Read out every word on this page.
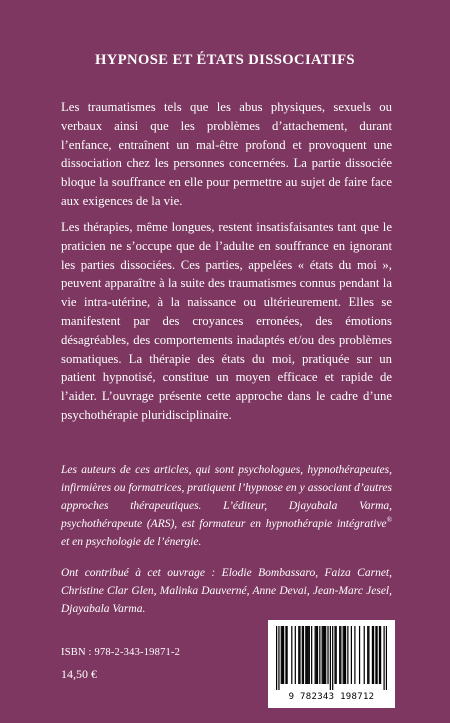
HYPNOSE ET ÉTATS DISSOCIATIFS

Les traumatismes tels que les abus physiques, sexuels ou verbaux ainsi que les problèmes d’attachement, durant l’enfance, entraînent un mal-être profond et provoquent une dissociation chez les personnes concernées. La partie dissociée bloque la souffrance en elle pour permettre au sujet de faire face aux exigences de la vie.

Les thérapies, même longues, restent insatisfaisantes tant que le praticien ne s’occupe que de l’adulte en souffrance en ignorant les parties dissociées. Ces parties, appelées « états du moi », peuvent apparaître à la suite des traumatismes connus pendant la vie intra-utérine, à la naissance ou ultérieurement. Elles se manifestent par des croyances erronées, des émotions désagréables, des comportements inadaptés et/ou des problèmes somatiques. La thérapie des états du moi, pratiquée sur un patient hypnotisé, constitue un moyen efficace et rapide de l’aider. L’ouvrage présente cette approche dans le cadre d’une psychothérapie pluridisciplinaire.

Les auteurs de ces articles, qui sont psychologues, hypnothérapeutes, infirmières ou formatrices, pratiquent l’hypnose en y associant d’autres approches thérapeutiques. L’éditeur, Djayabala Varma, psychothérapeute (ARS), est formateur en hypnothérapie intégrative® et en psychologie de l’énergie.

Ont contribué à cet ouvrage : Elodie Bombassaro, Faiza Carnet, Christine Clar Glen, Malinka Dauverné, Anne Devai, Jean-Marc Jesel, Djayabala Varma.

ISBN : 978-2-343-19871-2
14,50 €
9 782343 198712
